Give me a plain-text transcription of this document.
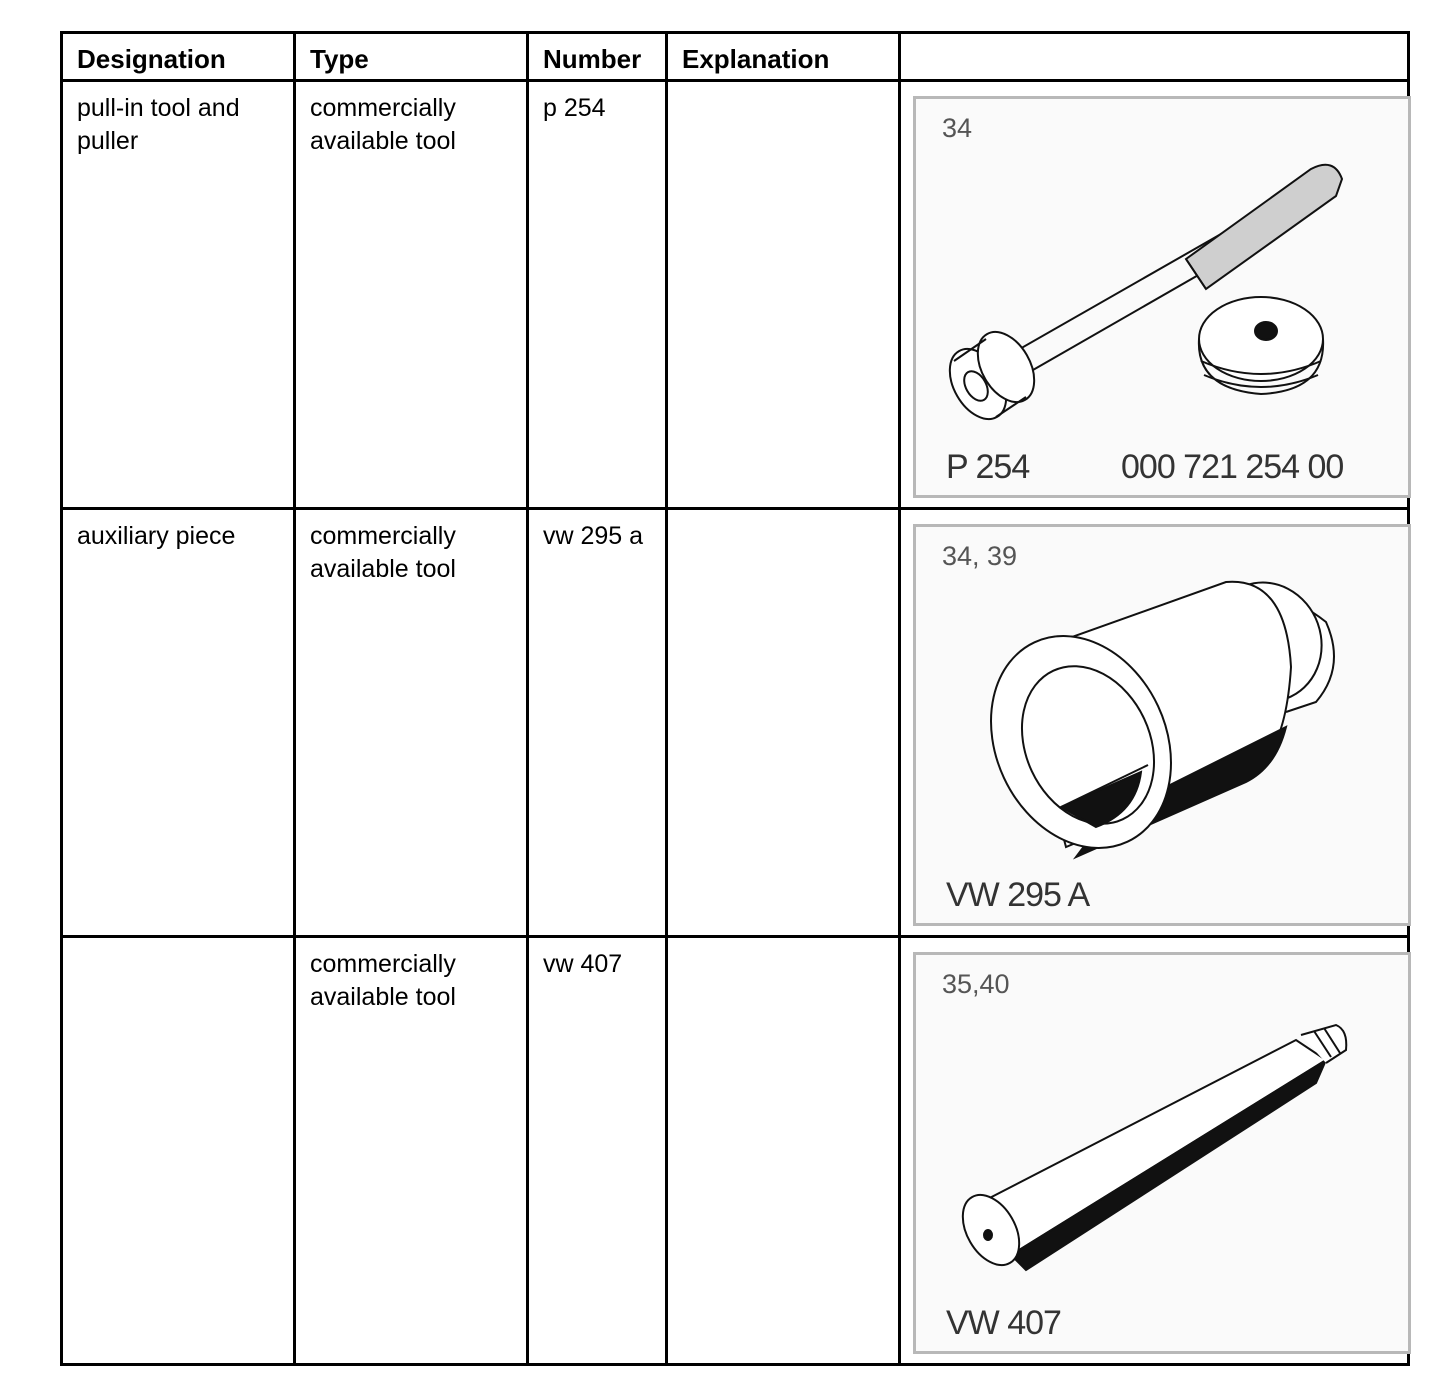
Designation	Type	Number	Explanation	
pull-in tool and puller	commercially available tool	p 254		34
P 254 000 721 254 00

auxiliary piece	commercially available tool	vw 295 a		34, 39
VW 295 A

	commercially available tool	vw 407		35,40
VW 407
